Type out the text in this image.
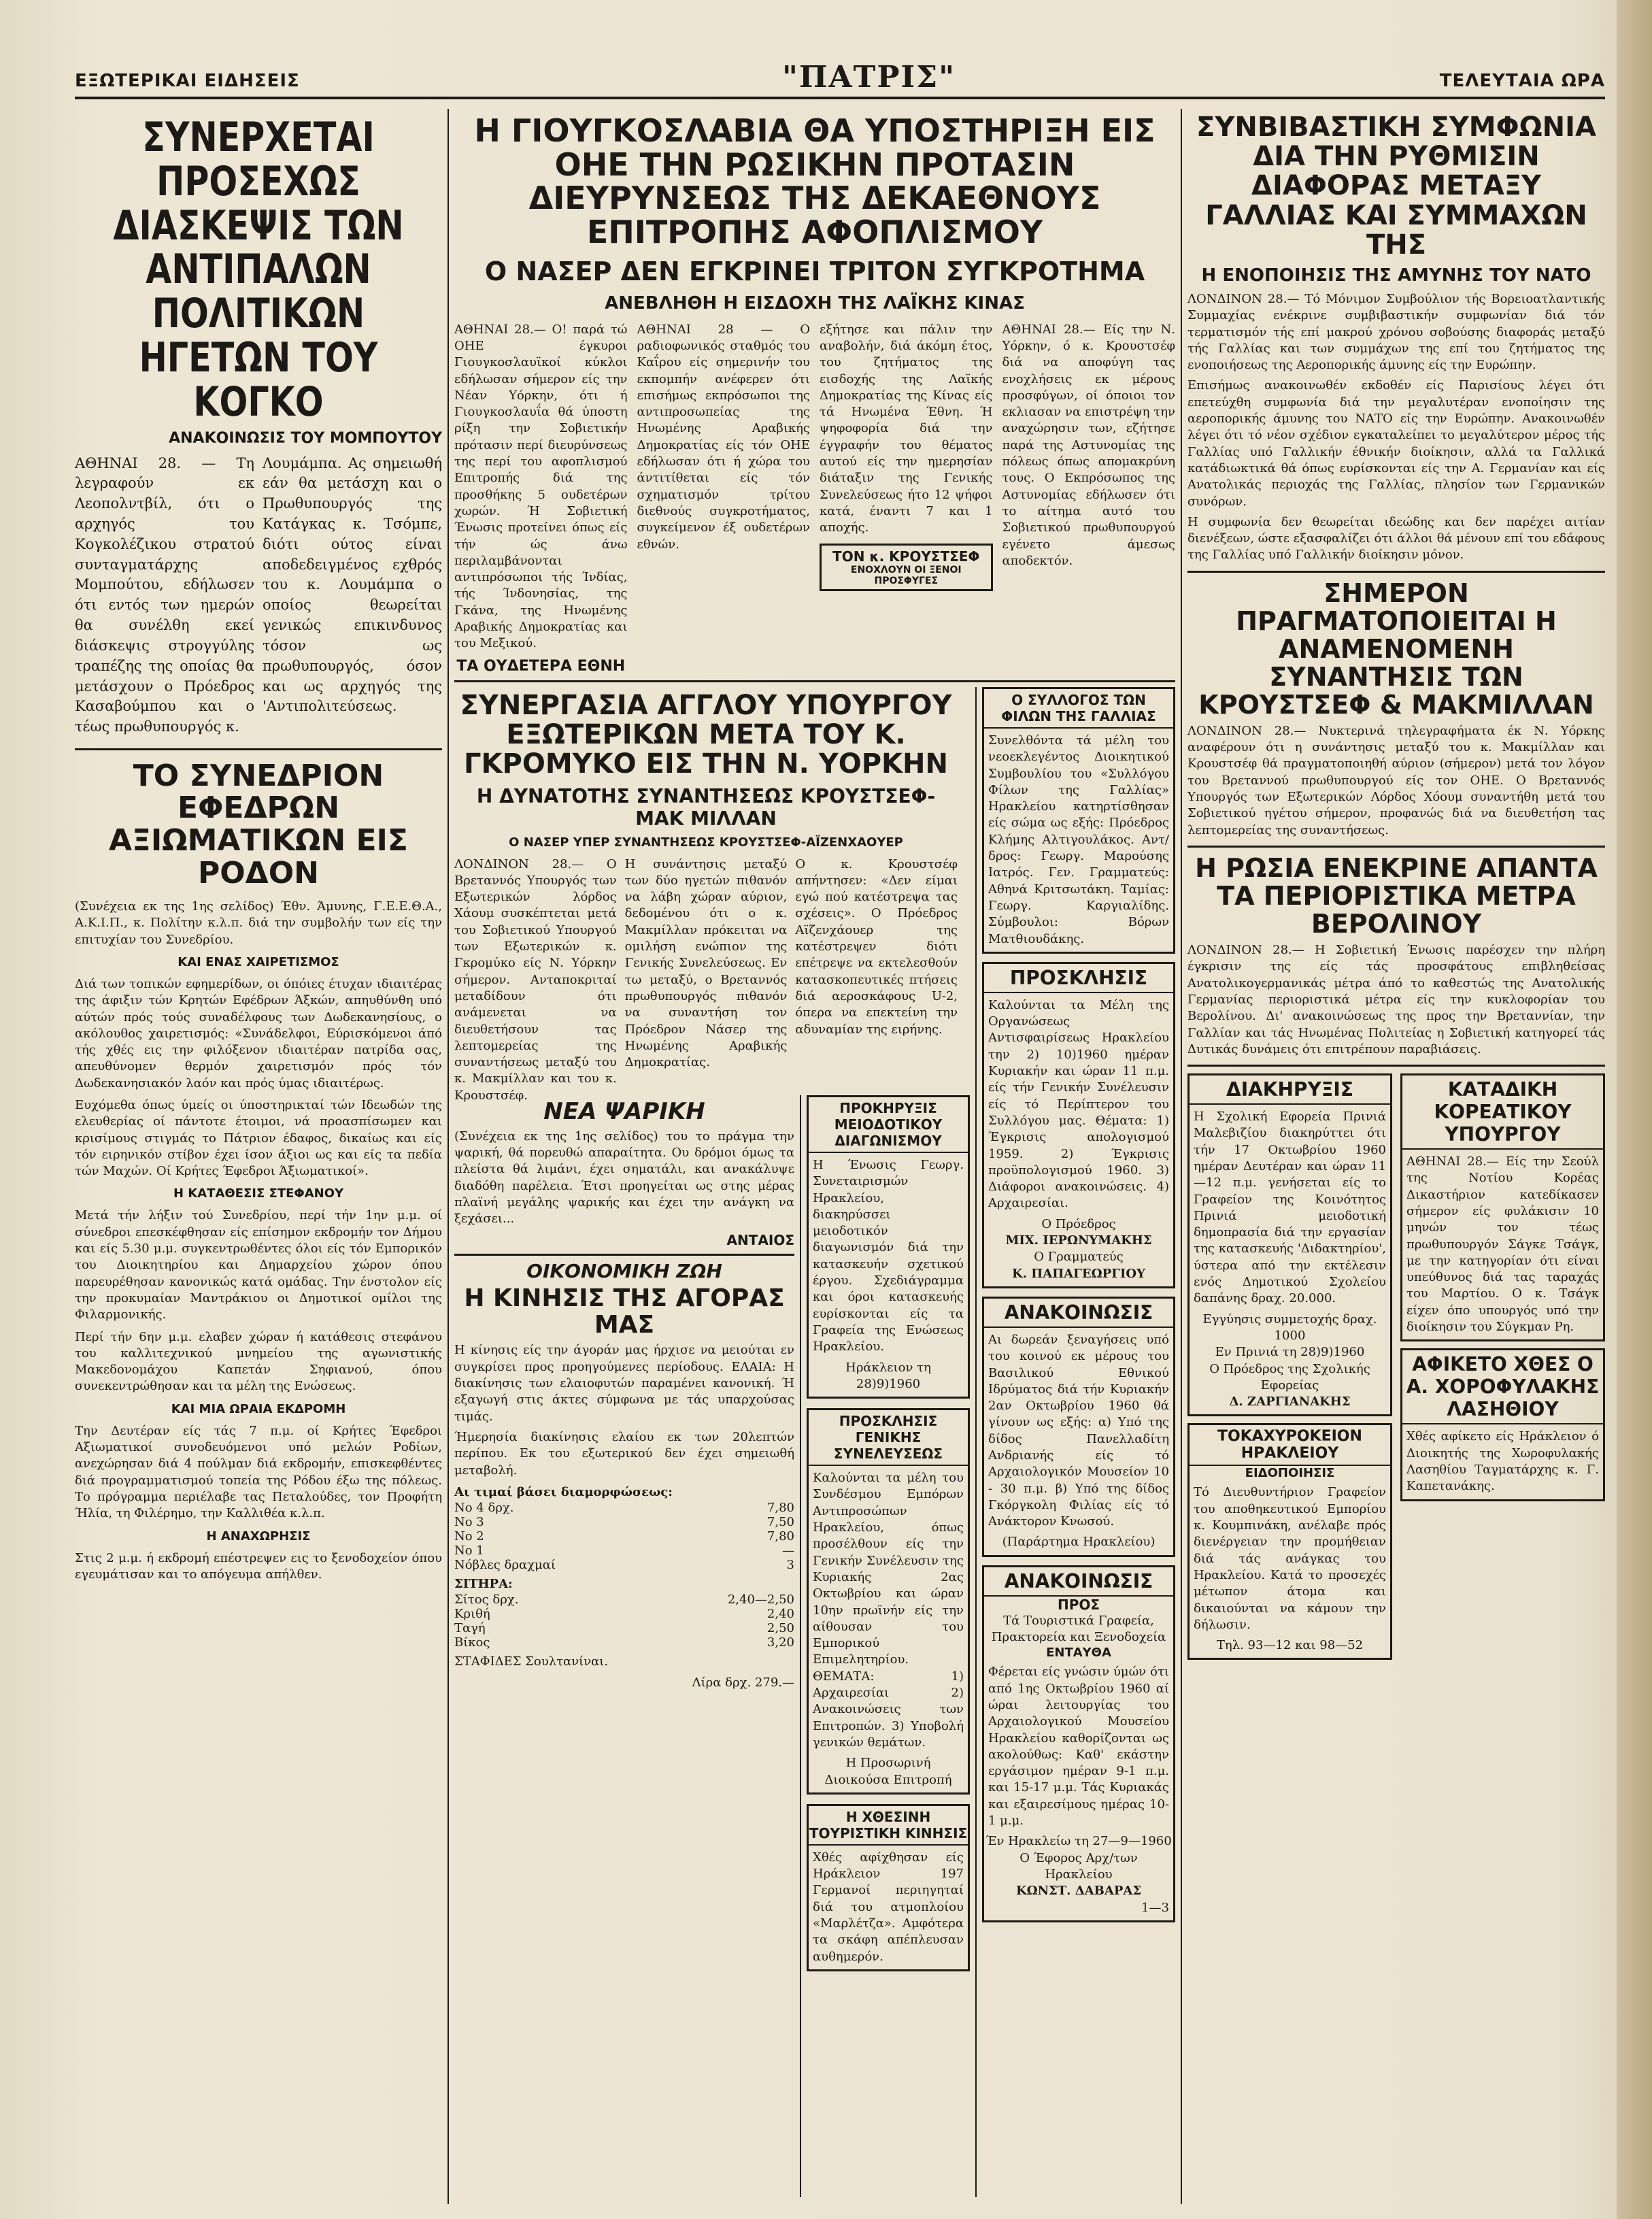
ΕΞΩΤΕΡΙΚΑΙ ΕΙΔΗΣΕΙΣ	"ΠΑΤΡΙΣ"	ΤΕΛΕΥΤΑΙΑ ΩΡΑ
ΣΥΝΕΡΧΕΤΑΙ ΠΡΟΣΕΧΩΣ ΔΙΑΣΚΕΨΙΣ ΤΩΝ ΑΝΤΙΠΑΛΩΝ ΠΟΛΙΤΙΚΩΝ ΗΓΕΤΩΝ ΤΟΥ ΚΟΓΚΟ
ΑΝΑΚΟΙΝΩΣΙΣ ΤΟΥ ΜΟΜΠΟΥΤΟΥ

ΑΘΗΝΑΙ 28. — Τη λεγραφούν εκ Λεοπολντβίλ, ότι ο αρχηγός του Κογκολέζικου στρατού συνταγματάρχης Μομπούτου, εδήλωσεν ότι εντός των ημερών θα συνέλθη εκεί διάσκεψις στρογγύλης τραπέζης της οποίας θα μετάσχουν ο Πρόεδρος Κασαβούμπου και ο τέως πρωθυπουργός κ.

Λουμάμπα. Ας σημειωθή εάν θα μετάσχη και ο Πρωθυπουργός της Κατάγκας κ. Τσόμπε, διότι ούτος είναι αποδεδειγμένος εχθρός του κ. Λουμάμπα ο οποίος θεωρείται γενικώς επικινδυνος τόσον ως πρωθυπουργός, όσον και ως αρχηγός της 'Αντιπολιτεύσεως.

ΤΟ ΣΥΝΕΔΡΙΟΝ ΕΦΕΔΡΩΝ ΑΞΙΩΜΑΤΙΚΩΝ ΕΙΣ ΡΟΔΟΝ

(Συνέχεια εκ της 1ης σελίδος) Έθν. Άμυνης, Γ.Ε.Ε.Θ.Α., Α.Κ.Ι.Π., κ. Πολίτην κ.λ.π. διά την συμβολήν των είς την επιτυχίαν του Συνεδρίου.

ΚΑΙ ΕΝΑΣ ΧΑΙΡΕΤΙΣΜΟΣ

Διά των τοπικών εφημερίδων, οι όπόιες έτυχαν ιδιαιτέρας της άφιξιν τών Κρητών Εφέδρων Άξκών, απηυθύνθη υπό αύτών πρός τούς συναδέλφους των Δωδεκανησίους, ο ακόλουθος χαιρετισμός: «Συνάδελφοι, Εύρισκόμενοι άπό τής χθές εις την φιλόξενον ιδιαιτέραν πατρίδα σας, απευθύνομεν θερμόν χαιρετισμόν πρός τόν Δωδεκανησιακόν λαόν και πρός ύμας ιδιαιτέρως.

Ευχόμεθα όπως ύμείς οι ύποστηρικταί τών Ιδεωδών της ελευθερίας οί πάντοτε έτοιμοι, νά προασπίσωμεν και κρισίμους στιγμάς το Πάτριον έδαφος, δικαίως και είς τόν ειρηνικόν στίβον έχει ίσον άξιοι ως και είς τα πεδία τών Μαχών. Οί Κρήτες Έφεδροι Άξιωματικοί».

Η ΚΑΤΑΘΕΣΙΣ ΣΤΕΦΑΝΟΥ

Μετά τήν λήξιν τού Συνεδρίου, περί τήν 1ην μ.μ. οί σύνεδροι επεσκέφθησαν είς επίσημον εκδρομήν τον Δήμου και είς 5.30 μ.μ. συγκεντρωθέντες όλοι είς τόν Εμπορικόν του Διοικητηρίου και Δημαρχείου χώρον όπου παρευρέθησαν κανονικώς κατά ομάδας. Την ένστολον είς την προκυμαίαν Μαντράκιου οι Δημοτικοί ομίλοι της Φιλαρμονικής.

Περί τήν 6ην μ.μ. ελαβεν χώραν ή κατάθεσις στεφάνου του καλλιτεχνικού μνημείου της αγωνιστικής Μακεδονομάχου Καπετάν Σηφιανού, όπου συνεκεντρώθησαν και τα μέλη της Ενώσεως.

ΚΑΙ ΜΙΑ ΩΡΑΙΑ ΕΚΔΡΟΜΗ

Την Δευτέραν είς τάς 7 π.μ. οί Κρήτες Έφεδροι Αξιωματικοί συνοδευόμενοι υπό μελών Ροδίων, ανεχώρησαν διά 4 πούλμαν διά εκδρομήν, επισκεφθέντες διά προγραμματισμού τοπεία της Ρόδου έξω της πόλεως. Το πρόγραμμα περιέλαβε τας Πεταλούδες, τον Προφήτη Ήλία, τη Φιλέρημο, την Καλλιθέα κ.λ.π.

Η ΑΝΑΧΩΡΗΣΙΣ

Στις 2 μ.μ. ή εκδρομή επέστρεψεν εις το ξενοδοχείον όπου εγευμάτισαν και το απόγευμα απήλθεν.

Η ΓΙΟΥΓΚΟΣΛΑΒΙΑ ΘΑ ΥΠΟΣΤΗΡΙΞΗ ΕΙΣ ΟΗΕ ΤΗΝ ΡΩΣΙΚΗΝ ΠΡΟΤΑΣΙΝ ΔΙΕΥΡΥΝΣΕΩΣ ΤΗΣ ΔΕΚΑΕΘΝΟΥΣ ΕΠΙΤΡΟΠΗΣ ΑΦΟΠΛΙΣΜΟΥ
Ο ΝΑΣΕΡ ΔΕΝ ΕΓΚΡΙΝΕΙ ΤΡΙΤΟΝ ΣΥΓΚΡΟΤΗΜΑ
ΑΝΕΒΛΗΘΗ Η ΕΙΣΔΟΧΗ ΤΗΣ ΛΑΪΚΗΣ ΚΙΝΑΣ

ΑΘΗΝΑΙ 28.— Ο! παρά τώ ΟΗΕ έγκυροι Γιουγκοσλαυϊκοί κύκλοι εδήλωσαν σήμερον είς την Νέαν Υόρκην, ότι ή Γιουγκοσλαυΐα θά ύποστη ρίξη την Σοβιετικήν πρότασιν περί διευρύνσεως της περί του αφοπλισμού Επιτροπής διά της προσθήκης 5 ουδετέρων χωρών. Ή Σοβιετική Ένωσις προτείνει όπως είς τήν ώς άνω περιλαμβάνονται αντιπρόσωποι τής Ίνδίας, τής Ίνδονησίας, της Γκάνα, της Ηνωμένης Αραβικής Δημοκρατίας και του Μεξικού.

ΤΑ ΟΥΔΕΤΕΡΑ ΕΘΝΗ

ΑΘΗΝΑΙ 28 — Ο ραδιοφωνικός σταθμός του Καΐρου είς σημερινήν του εκπομπήν ανέφερεν ότι επισήμως εκπρόσωποι της αντιπροσωπείας της Ηνωμένης Αραβικής Δημοκρατίας είς τόν ΟΗΕ εδήλωσαν ότι ή χώρα του άντιτίθεται είς τόν σχηματισμόν τρίτου διεθνούς συγκροτήματος, συγκείμενον έξ ουδετέρων εθνών.

εξήτησε και πάλιν την αναβολήν, διά άκόμη έτος, του ζητήματος της εισδοχής της Λαϊκής Δημοκρατίας της Κίνας είς τά Ηνωμένα Έθνη. Ή ψηφοφορία διά την έγγραφήν του θέματος αυτού είς την ημερησίαν διάταξιν της Γενικής Συνελεύσεως ήτο 12 ψήφοι κατά, έναντι 7 και 1 αποχής.

ΤΟΝ κ. ΚΡΟΥΣΤΣΕΦ
ΕΝΟΧΛΟΥΝ ΟΙ ΞΕΝΟΙ ΠΡΟΣΦΥΓΕΣ

ΑΘΗΝΑΙ 28.— Είς την Ν. Υόρκην, ό κ. Κρουστσέφ διά να αποφύγη τας ενοχλήσεις εκ μέρους προσφύγων, οί όποιοι τον εκλιασαν να επιστρέψη την αναχώρησιν των, εζήτησε παρά της Αστυνομίας της πόλεως όπως απομακρύνη τους. Ο Εκπρόσωπος της Αστυνομίας εδήλωσεν ότι το αίτημα αυτό του Σοβιετικού πρωθυπουργού εγένετο άμεσως αποδεκτόν.

ΣΥΝΕΡΓΑΣΙΑ ΑΓΓΛΟΥ ΥΠΟΥΡΓΟΥ ΕΞΩΤΕΡΙΚΩΝ ΜΕΤΑ ΤΟΥ Κ. ΓΚΡΟΜΥΚΟ ΕΙΣ ΤΗΝ Ν. ΥΟΡΚΗΝ
Η ΔΥΝΑΤΟΤΗΣ ΣΥΝΑΝΤΗΣΕΩΣ ΚΡΟΥΣΤΣΕΦ-ΜΑΚ ΜΙΛΛΑΝ
Ο ΝΑΣΕΡ ΥΠΕΡ ΣΥΝΑΝΤΗΣΕΩΣ ΚΡΟΥΣΤΣΕΦ-ΑΪΖΕΝΧΑΟΥΕΡ

ΛΟΝΔΙΝΟΝ 28.— Ο Βρεταννός Υπουργός των Εξωτερικών λόρδος Χάουμ συσκέπτεται μετά του Σοβιετικού Υπουργού των Εξωτερικών κ. Γκρομύκο είς Ν. Υόρκην σήμερον. Ανταποκριταί μεταδίδουν ότι ανάμενεται να διευθετήσουν τας λεπτομερείας της συναντήσεως μεταξύ του κ. Μακμίλλαν και του κ. Κρουστσέφ.

Η συνάντησις μεταξύ των δύο ηγετών πιθανόν να λάβη χώραν αύριον, δεδομένου ότι ο κ. Μακμίλλαν πρόκειται να ομιλήση ενώπιον της Γενικής Συνελεύσεως. Εν τω μεταξύ, ο Βρεταννός πρωθυπουργός πιθανόν να συναντήση τον Πρόεδρον Νάσερ της Ηνωμένης Αραβικής Δημοκρατίας.

Ο κ. Κρουστσέφ απήντησεν: «Δεν είμαι εγώ πού κατέστρεψα τας σχέσεις». Ο Πρόεδρος Αϊζενχάουερ της κατέστρεψεν διότι επέτρεψε να εκτελεσθούν κατασκοπευτικές πτήσεις διά αεροσκάφους U-2, όπερα να επεκτείνη την αδυναμίαν της ειρήνης.

ΝΕΑ ΨΑΡΙΚΗ

(Συνέχεια εκ της 1ης σελίδος) του το πράγμα την ψαρική, θά πορευθώ απαραίτητα. Ου δρόμοι όμως τα πλείστα θά λιμάνι, έχει σηματάλι, και ανακάλυψε διαδόθη παρέλεια. Έτσι προηγείται ως στης μέρας πλαϊνή μεγάλης ψαρικής και έχει την ανάγκη να ξεχάσει...

ΑΝΤΑΙΟΣ
ΟΙΚΟΝΟΜΙΚΗ ΖΩΗ
Η ΚΙΝΗΣΙΣ ΤΗΣ ΑΓΟΡΑΣ ΜΑΣ

Η κίνησις είς την άγοράν μας ήρχισε να μειούται εν συγκρίσει προς προηγούμενες περίοδους. ΕΛΑΙΑ: Η διακίνησις των ελαιοφυτών παραμένει κανονική. Ή εξαγωγή στις άκτες σύμφωνα με τάς υπαρχούσας τιμάς.

Ήμερησία διακίνησις ελαίου εκ των 20λεπτών περίπου. Εκ του εξωτερικού δεν έχει σημειωθή μεταβολή.

Αι τιμαί βάσει διαμορφώσεως:
No 4 δρχ.	7,80
No 3	7,50
No 2	7,80
No 1	—
Νόβλες δραχμαί	3
ΣΙΤΗΡΑ:
Σίτος δρχ.	2,40—2,50
Κριθή	2,40
Ταγή	2,50
Βίκος	3,20
ΣΤΑΦΙΔΕΣ Σουλτανίναι.
Λίρα δρχ. 279.—
ΠΡΟΚΗΡΥΞΙΣ ΜΕΙΟΔΟΤΙΚΟΥ ΔΙΑΓΩΝΙΣΜΟΥ

Η Ένωσις Γεωργ. Συνεταιρισμών Ηρακλείου, διακηρύσσει μειοδοτικόν διαγωνισμόν διά την κατασκευήν σχετικού έργου. Σχεδιάγραμμα και όροι κατασκευής ευρίσκονται είς τα Γραφεία της Ενώσεως Ηρακλείου.

Ηράκλειον τη 28)9)1960
ΠΡΟΣΚΛΗΣΙΣ ΓΕΝΙΚΗΣ ΣΥΝΕΛΕΥΣΕΩΣ

Καλούνται τα μέλη του Συνδέσμου Εμπόρων Αντιπροσώπων Ηρακλείου, όπως προσέλθουν είς την Γενικήν Συνέλευσιν της Κυριακής 2ας Οκτωβρίου και ώραν 10ην πρωϊνήν είς την αίθουσαν του Εμπορικού Επιμελητηρίου. ΘΕΜΑΤΑ: 1) Αρχαιρεσίαι 2) Ανακοινώσεις των Επιτροπών. 3) Υποβολή γενικών θεμάτων.

Η Προσωρινή Διοικούσα Επιτροπή
Η ΧΘΕΣΙΝΗ ΤΟΥΡΙΣΤΙΚΗ ΚΙΝΗΣΙΣ

Χθές αφίχθησαν είς Ηράκλειον 197 Γερμανοί περιηγηταί διά του ατμοπλοίου «Μαρλέτζα». Αμφότερα τα σκάφη απέπλευσαν αυθημερόν.

Ο ΣΥΛΛΟΓΟΣ ΤΩΝ ΦΙΛΩΝ ΤΗΣ ΓΑΛΛΙΑΣ

Συνελθόντα τά μέλη του νεοεκλεγέντος Διοικητικού Συμβουλίου του «Συλλόγου Φίλων της Γαλλίας» Ηρακλείου κατηρτίσθησαν είς σώμα ως εξής: Πρόεδρος Κλήμης Αλτιγουλάκος. Αντ/δρος: Γεωργ. Μαρούσης Ιατρός. Γεν. Γραμματεύς: Αθηνά Κριτσωτάκη. Ταμίας: Γεωργ. Καργιαλίδης. Σύμβουλοι: Βόρων Ματθιουδάκης.

ΠΡΟΣΚΛΗΣΙΣ

Καλούνται τα Μέλη της Οργανώσεως Αντισφαιρίσεως Ηρακλείου την 2) 10)1960 ημέραν Κυριακήν και ώραν 11 π.μ. είς τήν Γενικήν Συνέλευσιν είς τό Περίπτερον του Συλλόγου μας. Θέματα: 1) Έγκρισις απολογισμού 1959. 2) Έγκρισις προϋπολογισμού 1960. 3) Διάφοροι ανακοινώσεις. 4) Αρχαιρεσίαι.

Ο Πρόεδρος
ΜΙΧ. ΙΕΡΩΝΥΜΑΚΗΣ
Ο Γραμματεύς
Κ. ΠΑΠΑΓΕΩΡΓΙΟΥ
ΑΝΑΚΟΙΝΩΣΙΣ

Αι δωρεάν ξεναγήσεις υπό του κοινού εκ μέρους του Βασιλικού Εθνικού Ιδρύματος διά τήν Κυριακήν 2αν Οκτωβρίου 1960 θά γίνουν ως εξής: α) Υπό της δίδος Πανελλαδίτη Ανδριανής είς τό Αρχαιολογικόν Μουσείον 10 - 30 π.μ. β) Υπό της δίδος Γκόργκολη Φιλίας είς τό Ανάκτορον Κνωσού.

(Παράρτημα Ηρακλείου)
ΑΝΑΚΟΙΝΩΣΙΣ
ΠΡΟΣ
Τά Τουριστικά Γραφεία, Πρακτορεία και Ξενοδοχεία
ΕΝΤΑΥΘΑ

Φέρεται είς γνώσιν ύμών ότι από 1ης Οκτωβρίου 1960 αί ώραι λειτουργίας του Αρχαιολογικού Μουσείου Ηρακλείου καθορίζονται ως ακολούθως: Καθ' εκάστην εργάσιμον ημέραν 9-1 π.μ. και 15-17 μ.μ. Τάς Κυριακάς και εξαιρεσίμους ημέρας 10-1 μ.μ.

Έν Ηρακλείω τη 27—9—1960
Ο Έφορος Αρχ/των Ηρακλείου
ΚΩΝΣΤ. ΔΑΒΑΡΑΣ
1—3
ΣΥΝΒΙΒΑΣΤΙΚΗ ΣΥΜΦΩΝΙΑ ΔΙΑ ΤΗΝ ΡΥΘΜΙΣΙΝ ΔΙΑΦΟΡΑΣ ΜΕΤΑΞΥ ΓΑΛΛΙΑΣ ΚΑΙ ΣΥΜΜΑΧΩΝ ΤΗΣ
Η ΕΝΟΠΟΙΗΣΙΣ ΤΗΣ ΑΜΥΝΗΣ ΤΟΥ ΝΑΤΟ

ΛΟΝΔΙΝΟΝ 28.— Τό Μόνιμον Συμβούλιον τής Βορειοατλαντικής Συμμαχίας ενέκρινε συμβιβαστικήν συμφωνίαν διά τόν τερματισμόν τής επί μακρού χρόνου σοβούσης διαφοράς μεταξύ τής Γαλλίας και των συμμάχων της επί του ζητήματος της ενοποιήσεως της Αεροπορικής άμυνης είς την Ευρώπην.

Επισήμως ανακοινωθέν εκδοθέν είς Παρισίους λέγει ότι επετεύχθη συμφωνία διά την μεγαλυτέραν ενοποίησιν της αεροπορικής άμυνης του ΝΑΤΟ είς την Ευρώπην. Ανακοινωθέν λέγει ότι τό νέον σχέδιον εγκαταλείπει το μεγαλύτερον μέρος τής Γαλλίας υπό Γαλλικήν έθνικήν διοίκησιν, αλλά τα Γαλλικά κατάδιωκτικά θά όπως ευρίσκονται είς την Α. Γερμανίαν και είς Ανατολικάς περιοχάς της Γαλλίας, πλησίον των Γερμανικών συνόρων.

Η συμφωνία δεν θεωρείται ιδεώδης και δεν παρέχει αιτίαν διενέξεων, ώστε εξασφαλίζει ότι άλλοι θά μένουν επί του εδάφους της Γαλλίας υπό Γαλλικήν διοίκησιν μόνον.

ΣΗΜΕΡΟΝ ΠΡΑΓΜΑΤΟΠΟΙΕΙΤΑΙ Η ΑΝΑΜΕΝΟΜΕΝΗ ΣΥΝΑΝΤΗΣΙΣ ΤΩΝ ΚΡΟΥΣΤΣΕΦ & ΜΑΚΜΙΛΛΑΝ

ΛΟΝΔΙΝΟΝ 28.— Νυκτερινά τηλεγραφήματα έκ Ν. Υόρκης αναφέρουν ότι η συνάντησις μεταξύ του κ. Μακμίλλαν και Κρουστσέφ θά πραγματοποιηθή αύριον (σήμερον) μετά τον λόγον του Βρεταννού πρωθυπουργού είς τον ΟΗΕ. Ο Βρεταννός Υπουργός των Εξωτερικών Λόρδος Χόουμ συναντήθη μετά του Σοβιετικού ηγέτου σήμερον, προφανώς διά να διευθετήση τας λεπτομερείας της συναντήσεως.

Η ΡΩΣΙΑ ΕΝΕΚΡΙΝΕ ΑΠΑΝΤΑ ΤΑ ΠΕΡΙΟΡΙΣΤΙΚΑ ΜΕΤΡΑ ΒΕΡΟΛΙΝΟΥ

ΛΟΝΔΙΝΟΝ 28.— Η Σοβιετική Ένωσις παρέσχεν την πλήρη έγκρισιν της είς τάς προσφάτους επιβληθείσας Ανατολικογερμανικάς μέτρα άπό το καθεστώς της Ανατολικής Γερμανίας περιοριστικά μέτρα είς την κυκλοφορίαν του Βερολίνου. Δι' ανακοινώσεως της προς την Βρεταννίαν, την Γαλλίαν και τάς Ηνωμένας Πολιτείας η Σοβιετική κατηγορεί τάς Δυτικάς δυνάμεις ότι επιτρέπουν παραβιάσεις.

ΔΙΑΚΗΡΥΞΙΣ

Η Σχολική Εφορεία Πρινιά Μαλεβιζίου διακηρύττει ότι τήν 17 Οκτωβρίου 1960 ημέραν Δευτέραν και ώραν 11—12 π.μ. γενήσεται είς το Γραφείον της Κοινότητος Πρινιά μειοδοτική δημοπρασία διά την εργασίαν της κατασκευής 'Διδακτηρίου', ύστερα από την εκτέλεσιν ενός Δημοτικού Σχολείου δαπάνης δραχ. 20.000.

Εγγύησις συμμετοχής δραχ. 1000
Εν Πρινιά τη 28)9)1960
Ο Πρόεδρος της Σχολικής Εφορείας
Δ. ΖΑΡΓΙΑΝΑΚΗΣ
ΤΟΚΑΧΥΡΟΚΕΙΟΝ ΗΡΑΚΛΕΙΟΥ
ΕΙΔΟΠΟΙΗΣΙΣ

Τό Διευθυντήριον Γραφείον του αποθηκευτικού Εμπορίου κ. Κουμπινάκη, ανέλαβε πρός διενέργειαν την προμήθειαν διά τάς ανάγκας του Ηρακλείου. Κατά το προσεχές μέτωπον άτομα και δικαιούνται να κάμουν την δήλωσιν.

Τηλ. 93—12 και 98—52
ΚΑΤΑΔΙΚΗ ΚΟΡΕΑΤΙΚΟΥ ΥΠΟΥΡΓΟΥ

ΑΘΗΝΑΙ 28.— Είς την Σεούλ της Νοτίου Κορέας Δικαστήριον κατεδίκασεν σήμερον είς φυλάκισιν 10 μηνών τον τέως πρωθυπουργόν Σάγκε Τσάγκ, με την κατηγορίαν ότι είναι υπεύθυνος διά τας ταραχάς του Μαρτίου. Ο κ. Τσάγκ είχεν όπο υπουργός υπό την διοίκησιν του Σύγκμαν Ρη.

ΑΦΙΚΕΤΟ ΧΘΕΣ Ο Α. ΧΟΡΟΦΥΛΑΚΗΣ ΛΑΣΗΘΙΟΥ

Χθές αφίκετο είς Ηράκλειον ό Διοικητής της Χωροφυλακής Λασηθίου Ταγματάρχης κ. Γ. Καπετανάκης.
